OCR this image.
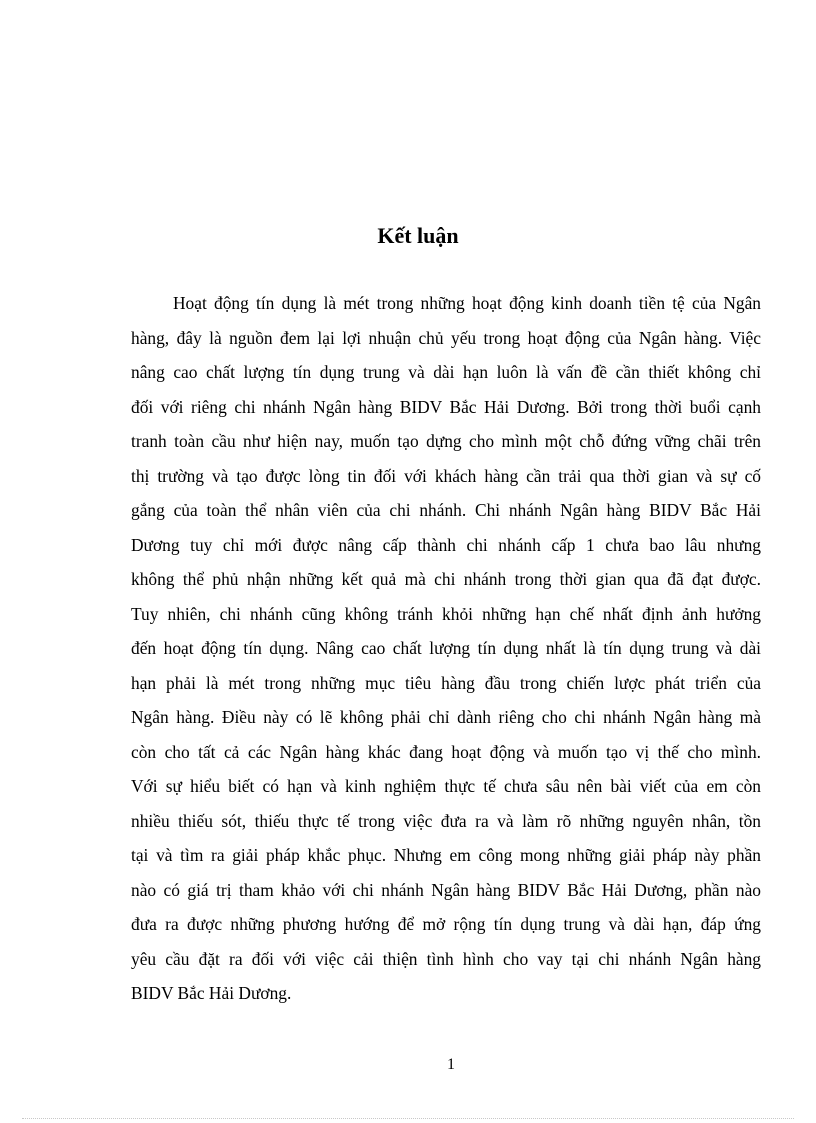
Kết luận
Hoạt động tín dụng là mét trong những hoạt động kinh doanh tiền tệ của Ngân
hàng, đây là nguồn đem lại lợi nhuận chủ yếu trong hoạt động của Ngân hàng. Việc
nâng cao chất lượng tín dụng trung và dài hạn luôn là vấn đề cần thiết không chỉ
đối với riêng chi nhánh Ngân hàng BIDV Bắc Hải Dương. Bởi trong thời buổi cạnh
tranh toàn cầu như hiện nay, muốn tạo dựng cho mình một chỗ đứng vững chãi trên
thị trường và tạo được lòng tin đối với khách hàng cần trải qua thời gian và sự cố
gắng của toàn thể nhân viên của chi nhánh. Chi nhánh Ngân hàng BIDV Bắc Hải
Dương tuy chỉ mới được nâng cấp thành chi nhánh cấp 1 chưa bao lâu nhưng
không thể phủ nhận những kết quả mà chi nhánh trong thời gian qua đã đạt được.
Tuy nhiên, chi nhánh cũng không tránh khỏi những hạn chế nhất định ảnh hưởng
đến hoạt động tín dụng. Nâng cao chất lượng tín dụng nhất là tín dụng trung và dài
hạn phải là mét trong những mục tiêu hàng đầu trong chiến lược phát triển của
Ngân hàng. Điều này có lẽ không phải chỉ dành riêng cho chi nhánh Ngân hàng mà
còn cho tất cả các Ngân hàng khác đang hoạt động và muốn tạo vị thế cho mình.
Với sự hiểu biết có hạn và kinh nghiệm thực tế chưa sâu nên bài viết của em còn
nhiều thiếu sót, thiếu thực tế trong việc đưa ra và làm rõ những nguyên nhân, tồn
tại và tìm ra giải pháp khắc phục. Nhưng em công mong những giải pháp này phần
nào có giá trị tham khảo với chi nhánh Ngân hàng BIDV Bắc Hải Dương, phần nào
đưa ra được những phương hướng để mở rộng tín dụng trung và dài hạn, đáp ứng
yêu cầu đặt ra đối với việc cải thiện tình hình cho vay tại chi nhánh Ngân hàng
BIDV Bắc Hải Dương.
1
